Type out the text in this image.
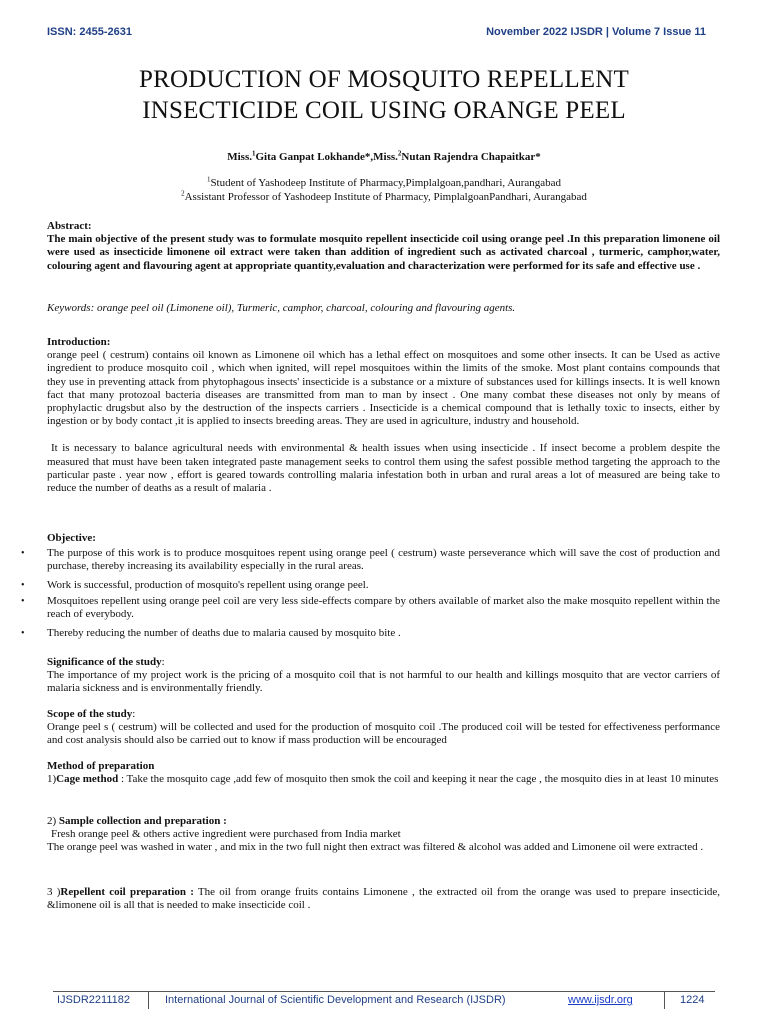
ISSN: 2455-2631	November 2022 IJSDR | Volume 7 Issue 11
PRODUCTION OF MOSQUITO REPELLENT
INSECTICIDE COIL USING ORANGE PEEL
Miss.$^1$Gita Ganpat Lokhande*,Miss.$^2$Nutan Rajendra Chapaitkar*
$^1$Student of Yashodeep Institute of Pharmacy,Pimplalgoan,pandhari, Aurangabad
$^2$Assistant Professor of Yashodeep Institute of Pharmacy, PimplalgoanPandhari, Aurangabad
Abstract:
The main objective of the present study was to formulate mosquito repellent insecticide coil using orange peel .In this preparation limonene oil were used as insecticide limonene oil extract were taken than addition of ingredient such as activated charcoal , turmeric, camphor,water, colouring agent and flavouring agent at appropriate quantity,evaluation and characterization were performed for its safe and effective use .
Keywords: orange peel oil (Limonene oil), Turmeric, camphor, charcoal, colouring and flavouring agents.
Introduction:
orange peel ( cestrum) contains oil known as Limonene oil which has a lethal effect on mosquitoes and some other insects. It can be Used as active ingredient to produce mosquito coil , which when ignited, will repel mosquitoes within the limits of the smoke. Most plant contains compounds that they use in preventing attack from phytophagous insects' insecticide is a substance or a mixture of substances used for killings insects. It is well known fact that many protozoal bacteria diseases are transmitted from man to man by insect . One many combat these diseases not only by means of prophylactic drugsbut also by the destruction of the inspects carriers . Insecticide is a chemical compound that is lethally toxic to insects, either by ingestion or by body contact ,it is applied to insects breeding areas. They are used in agriculture, industry and household.
It is necessary to balance agricultural needs with environmental & health issues when using insecticide . If insect become a problem despite the measured that must have been taken integrated paste management seeks to control them using the safest possible method targeting the approach to the particular paste . year now , effort is geared towards controlling malaria infestation both in urban and rural areas a lot of measured are being take to reduce the number of deaths as a result of malaria .
Objective:
• The purpose of this work is to produce mosquitoes repent using orange peel ( cestrum) waste perseverance which will save the cost of production and purchase, thereby increasing its availability especially in the rural areas.
• Work is successful, production of mosquito's repellent using orange peel.
• Mosquitoes repellent using orange peel coil are very less side-effects compare by others available of market also the make mosquito repellent within the reach of everybody.
• Thereby reducing the number of deaths due to malaria caused by mosquito bite .
Significance of the study:
The importance of my project work is the pricing of a mosquito coil that is not harmful to our health and killings mosquito that are vector carriers of malaria sickness and is environmentally friendly.
Scope of the study:
Orange peel s ( cestrum) will be collected and used for the production of mosquito coil .The produced coil will be tested for effectiveness performance and cost analysis should also be carried out to know if mass production will be encouraged
Method of preparation
1)Cage method : Take the mosquito cage ,add few of mosquito then smok the coil and keeping it near the cage , the mosquito dies in at least 10 minutes
2) Sample collection and preparation :
Fresh orange peel & others active ingredient were purchased from India market
The orange peel was washed in water , and mix in the two full night then extract was filtered & alcohol was added and Limonene oil were extracted .
3 )Repellent coil preparation : The oil from orange fruits contains Limonene , the extracted oil from the orange was used to prepare insecticide, &limonene oil is all that is needed to make insecticide coil .
IJSDR2211182	International Journal of Scientific Development and Research (IJSDR)	www.ijsdr.org	1224
